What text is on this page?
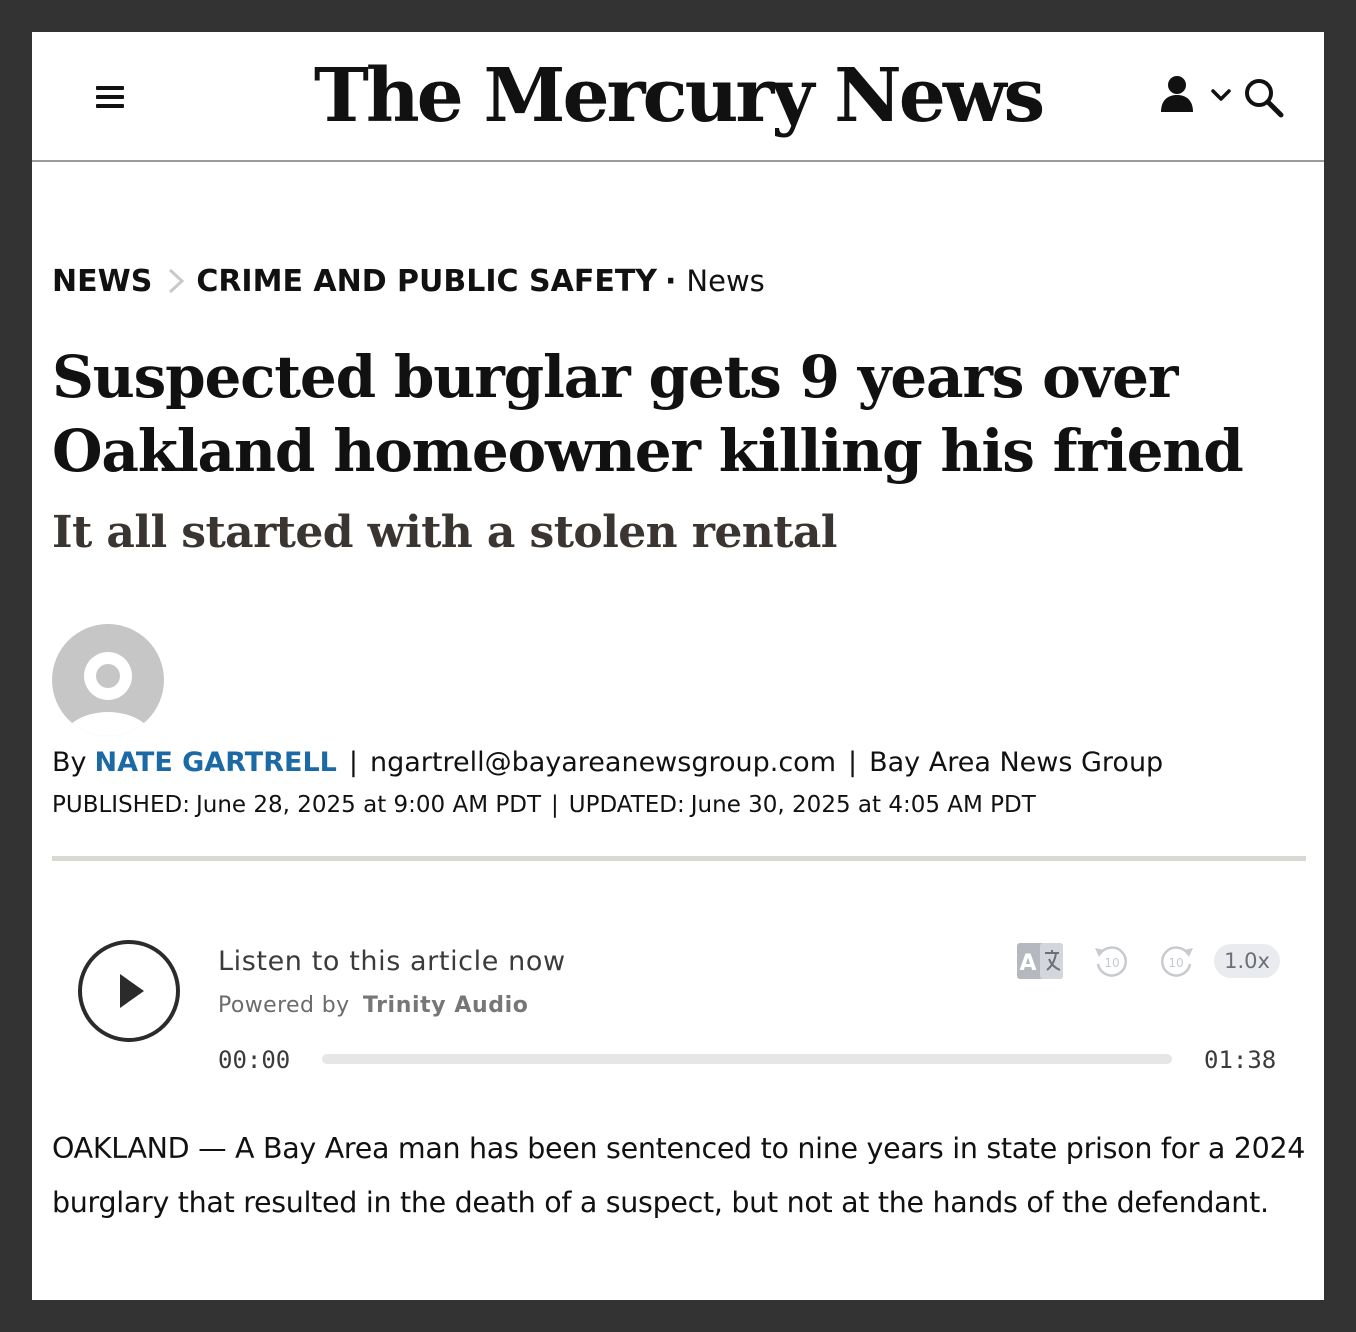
The Mercury News
NEWS CRIME AND PUBLIC SAFETY · News
Suspected burglar gets 9 years over Oakland homeowner killing his friend
It all started with a stolen rental
By NATE GARTRELL | ngartrell@bayareanewsgroup.com | Bay Area News Group
PUBLISHED: June 28, 2025 at 9:00 AM PDT | UPDATED: June 30, 2025 at 4:05 AM PDT
Listen to this article now
Powered by Trinity Audio
A	10	10	1.0x
00:00	01:38

OAKLAND — A Bay Area man has been sentenced to nine years in state prison for a 2024 burglary that resulted in the death of a suspect, but not at the hands of the defendant.
